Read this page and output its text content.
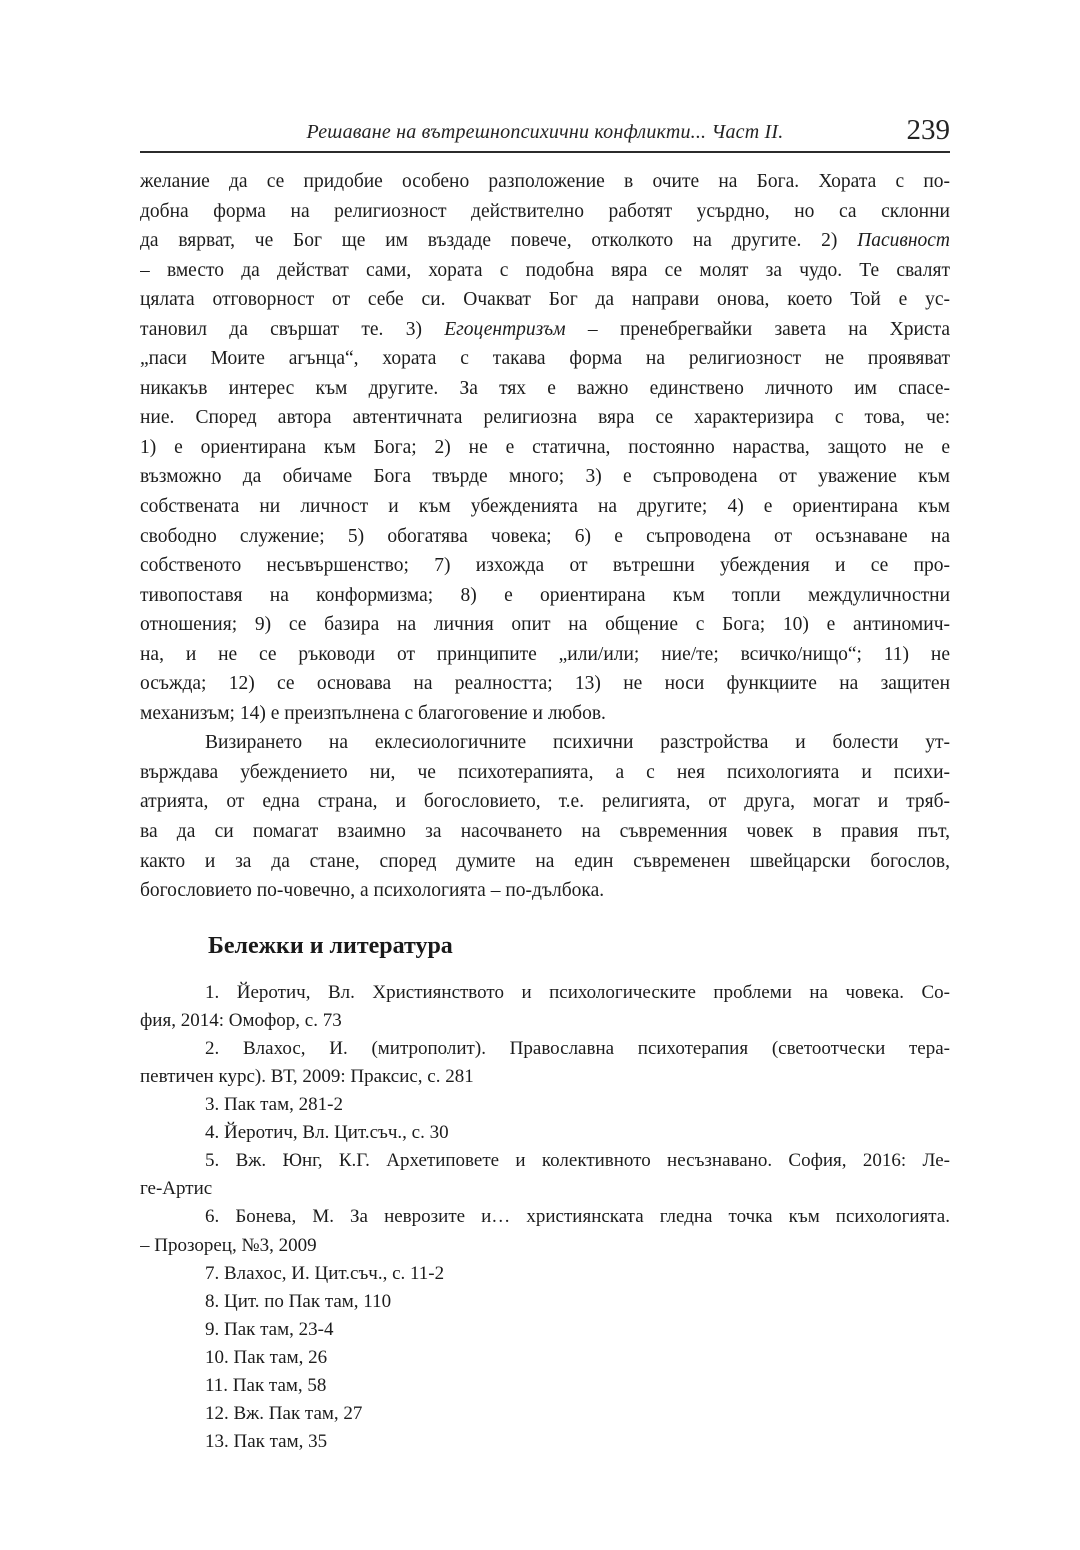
Решаване на вътрешнопсихични конфликти... Част II.	239
желание да се придобие особено разположение в очите на Бога. Хората с по-
добна форма на религиозност действително работят усърдно, но са склонни
да вярват, че Бог ще им въздаде повече, отколкото на другите. 2) Пасивност
– вместо да действат сами, хората с подобна вяра се молят за чудо. Те свалят
цялата отговорност от себе си. Очакват Бог да направи онова, което Той е ус-
тановил да свършат те. 3) Егоцентризъм – пренебрегвайки завета на Христа
„паси Моите агънца“, хората с такава форма на религиозност не проявяват
никакъв интерес към другите. За тях е важно единствено личното им спасе-
ние. Според автора автентичната религиозна вяра се характеризира с това, че:
1) е ориентирана към Бога; 2) не е статична, постоянно нараства, защото не е
възможно да обичаме Бога твърде много; 3) е съпроводена от уважение към
собствената ни личност и към убежденията на другите; 4) е ориентирана към
свободно служение; 5) обогатява човека; 6) е съпроводена от осъзнаване на
собственото несъвършенство; 7) изхожда от вътрешни убеждения и се про-
тивопоставя на конформизма; 8) е ориентирана към топли междуличностни
отношения; 9) се базира на личния опит на общение с Бога; 10) е антиномич-
на, и не се ръководи от принципите „или/или; ние/те; всичко/нищо“; 11) не
осъжда; 12) се основава на реалността; 13) не носи функциите на защитен
механизъм; 14) е преизпълнена с благоговение и любов.
Визирането на еклесиологичните психични разстройства и болести ут-
върждава убеждението ни, че психотерапията, а с нея психологията и психи-
атрията, от една страна, и богословието, т.е. религията, от друга, могат и тряб-
ва да си помагат взаимно за насочването на съвременния човек в правия път,
както и за да стане, според думите на един съвременен швейцарски богослов,
богословието по-човечно, а психологията – по-дълбока.
Бележки и литература
1. Йеротич, Вл. Християнството и психологическите проблеми на човека. Со-
фия, 2014: Омофор, с. 73
2. Влахос, И. (митрополит). Православна психотерапия (светоотчески тера-
певтичен курс). ВТ, 2009: Праксис, с. 281
3. Пак там, 281-2
4. Йеротич, Вл. Цит.съч., с. 30
5. Вж. Юнг, К.Г. Архетиповете и колективното несъзнавано. София, 2016: Ле-
ге-Артис
6. Бонева, М. За неврозите и… християнската гледна точка към психологията.
– Прозорец, №3, 2009
7. Влахос, И. Цит.съч., с. 11-2
8. Цит. по Пак там, 110
9. Пак там, 23-4
10. Пак там, 26
11. Пак там, 58
12. Вж. Пак там, 27
13. Пак там, 35
